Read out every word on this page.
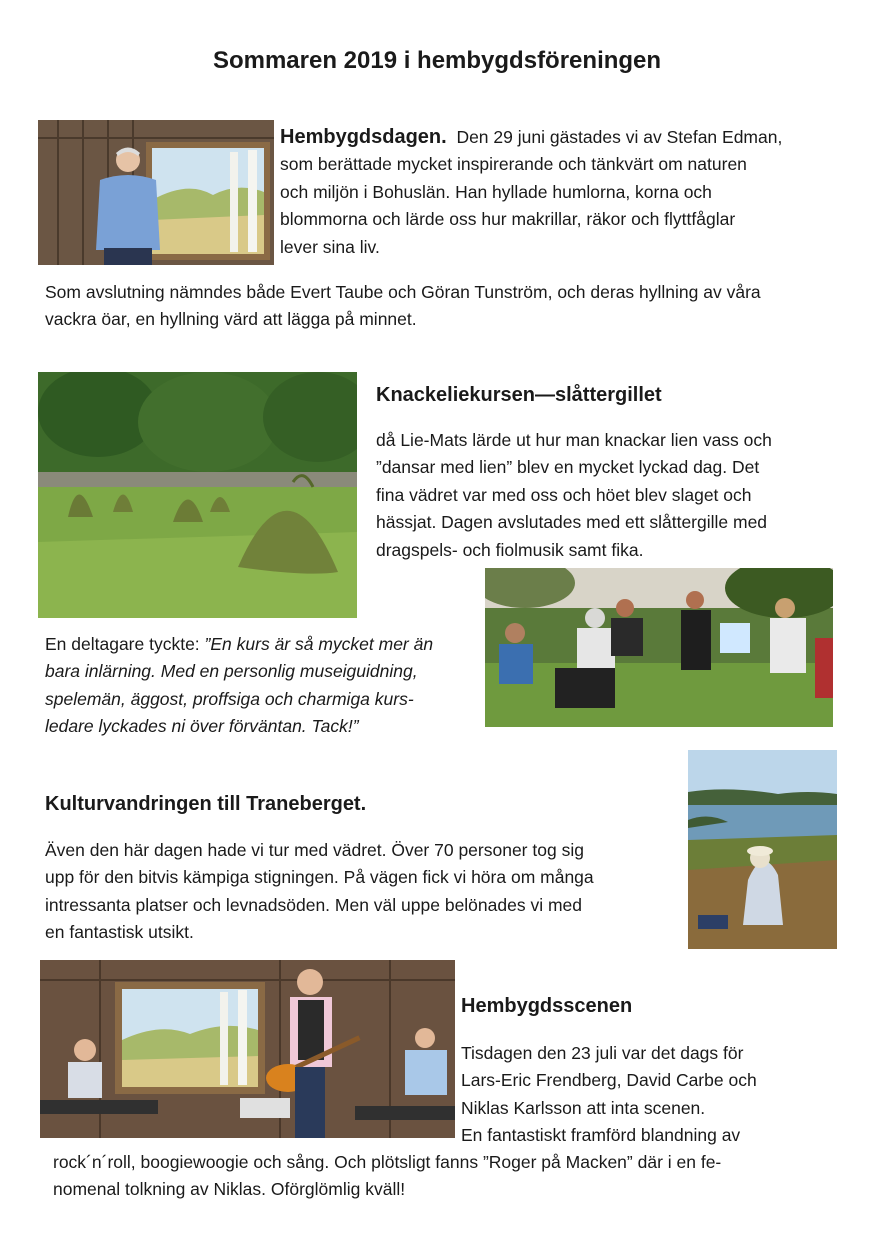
Sommaren 2019 i hembygdsföreningen
Hembygdsdagen. Den 29 juni gästades vi av Stefan Edman,
som berättade mycket inspirerande och tänkvärt om naturen
och miljön i Bohuslän. Han hyllade humlorna, korna och
blommorna och lärde oss hur makrillar, räkor och flyttfåglar
lever sina liv.
Som avslutning nämndes både Evert Taube och Göran Tunström, och deras hyllning av våra
vackra öar, en hyllning värd att lägga på minnet.
Knackeliekursen—slåttergillet
då Lie-Mats lärde ut hur man knackar lien vass och
”dansar med lien” blev en mycket lyckad dag. Det
fina vädret var med oss och höet blev slaget och
hässjat. Dagen avslutades med ett slåttergille med
dragspels- och fiolmusik samt fika.
En deltagare tyckte: ”En kurs är så mycket mer än
bara inlärning. Med en personlig museiguidning,
spelemän, äggost, proffsiga och charmiga kurs-
ledare lyckades ni över förväntan. Tack!”
Kulturvandringen till Traneberget.
Även den här dagen hade vi tur med vädret. Över 70 personer tog sig
upp för den bitvis kämpiga stigningen. På vägen fick vi höra om många
intressanta platser och levnadsöden. Men väl uppe belönades vi med
en fantastisk utsikt.
Hembygdsscenen
Tisdagen den 23 juli var det dags för
Lars-Eric Frendberg, David Carbe och
Niklas Karlsson att inta scenen.
En fantastiskt framförd blandning av
rock´n´roll, boogiewoogie och sång. Och plötsligt fanns ”Roger på Macken” där i en fe-
nomenal tolkning av Niklas. Oförglömlig kväll!
